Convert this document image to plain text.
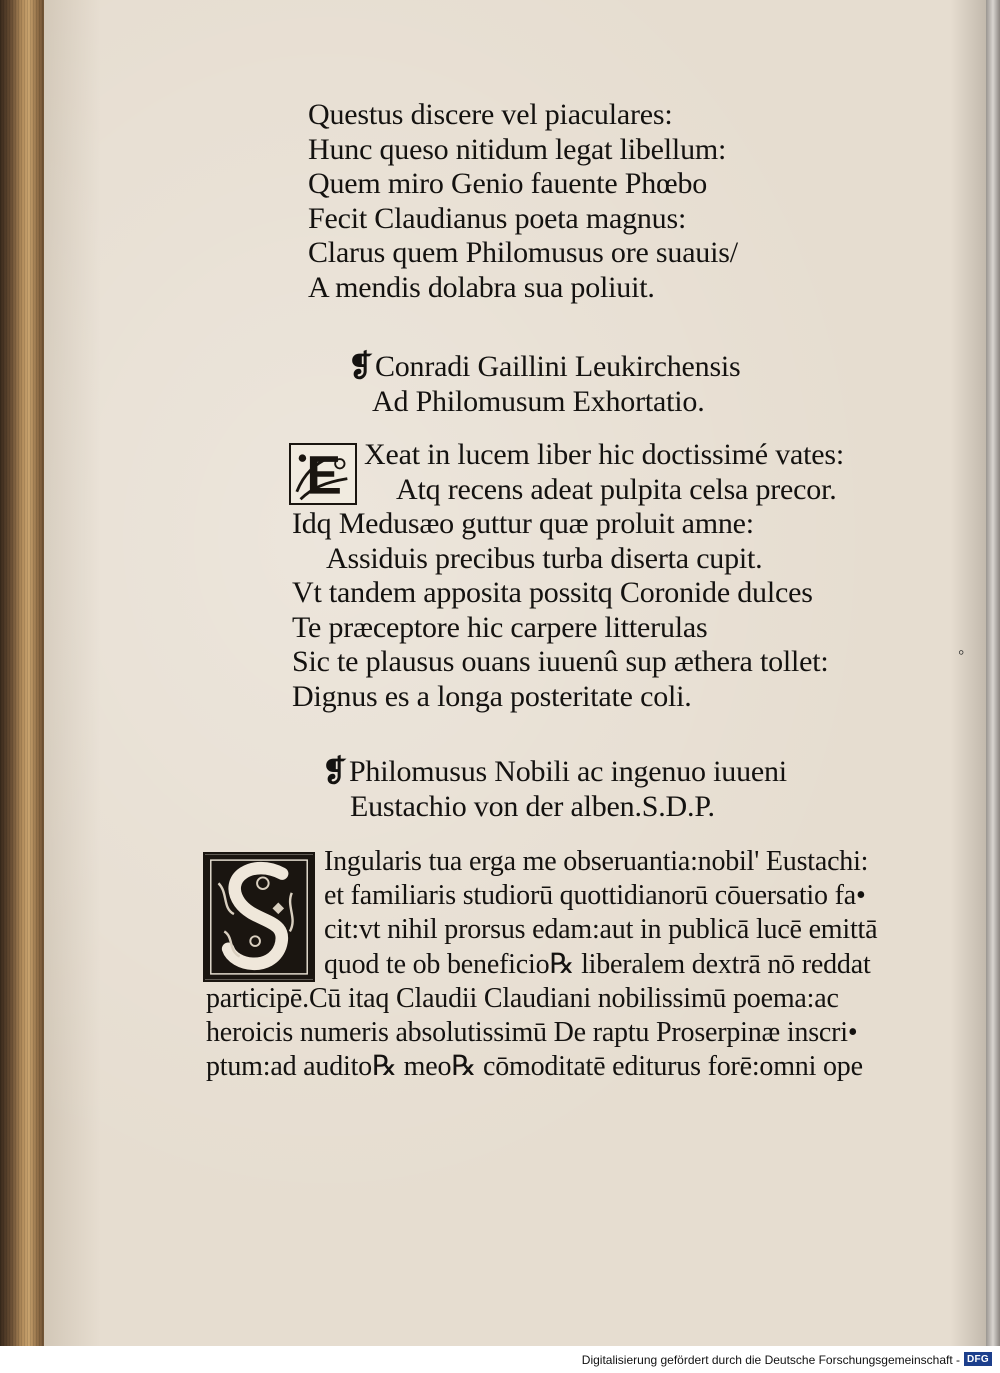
Questus discere vel piaculares:
Hunc queso nitidum legat libellum:
Quem miro Genio fauente Phœbo
Fecit Claudianus poeta magnus:
Clarus quem Philomusus ore suauis/
A mendis dolabra sua poliuit.
❡Conradi Gaillini Leukirchensis
Ad Philomusum Exhortatio.
Xeat in lucem liber hic doctissimé vates:
Atq recens adeat pulpita celsa precor.
Idq Medusæo guttur quæ proluit amne:
Assiduis precibus turba diserta cupit.
Vt tandem apposita possitq Coronide dulces
Te præceptore hic carpere litterulas
Sic te plausus ouans iuuenû sup æthera tollet:
Dignus es a longa posteritate coli.
❡Philomusus Nobili ac ingenuo iuueni
Eustachio von der alben.S.D.P.
Ingularis tua erga me obseruantia:nobil' Eustachi:
et familiaris studiorū quottidianorū cōuersatio fa•
cit:vt nihil prorsus edam:aut in publicā lucē emittā
quod te ob beneficio℞ liberalem dextrā nō reddat
participē.Cū itaq Claudii Claudiani nobilissimū poema:ac
heroicis numeris absolutissimū De raptu Proserpinæ inscri•
ptum:ad audito℞ meo℞ cōmoditatē editurus forē:omni ope
◦
Digitalisierung gefördert durch die Deutsche Forschungsgemeinschaft - DFG
